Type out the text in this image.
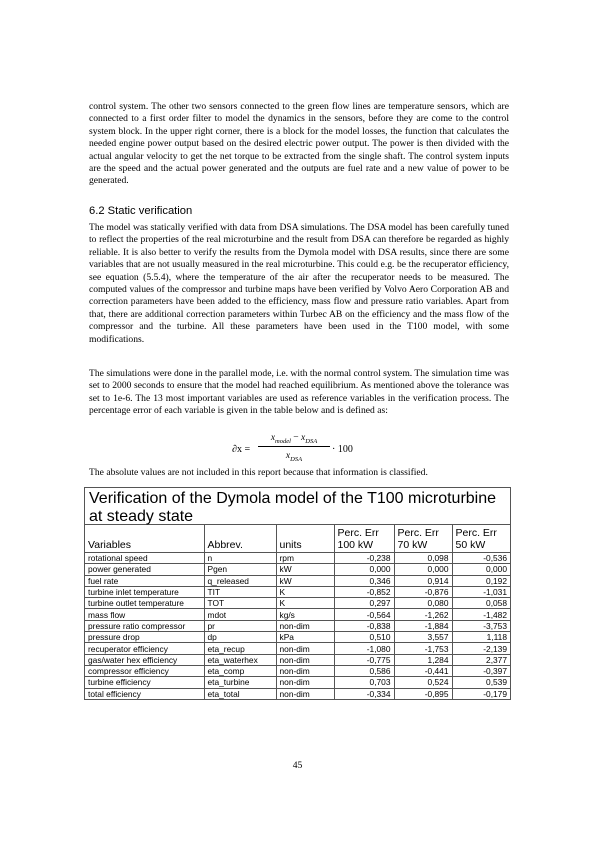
control system. The other two sensors connected to the green flow lines are temperature sensors, which are connected to a first order filter to model the dynamics in the sensors, before they are come to the control system block. In the upper right corner, there is a block for the model losses, the function that calculates the needed engine power output based on the desired electric power output. The power is then divided with the actual angular velocity to get the net torque to be extracted from the single shaft. The control system inputs are the speed and the actual power generated and the outputs are fuel rate and a new value of power to be generated.

6.2 Static verification

The model was statically verified with data from DSA simulations. The DSA model has been carefully tuned to reflect the properties of the real microturbine and the result from DSA can therefore be regarded as highly reliable. It is also better to verify the results from the Dymola model with DSA results, since there are some variables that are not usually measured in the real microturbine. This could e.g. be the recuperator efficiency, see equation (5.5.4), where the temperature of the air after the recuperator needs to be measured. The computed values of the compressor and turbine maps have been verified by Volvo Aero Corporation AB and correction parameters have been added to the efficiency, mass flow and pressure ratio variables. Apart from that, there are additional correction parameters within Turbec AB on the efficiency and the mass flow of the compressor and the turbine. All these parameters have been used in the T100 model, with some modifications.

The simulations were done in the parallel mode, i.e. with the normal control system. The simulation time was set to 2000 seconds to ensure that the model had reached equilibrium. As mentioned above the tolerance was set to 1e-6. The 13 most important variables are used as reference variables in the verification process. The percentage error of each variable is given in the table below and is defined as:

∂x =
$x_{model} - x_{DSA}$
$x_{DSA}$
· 100

The absolute values are not included in this report because that information is classified.

Verification of the Dymola model of the T100 microturbine at steady state
Variables	Abbrev.	units	Perc. Err 100 kW	Perc. Err 70 kW	Perc. Err 50 kW
rotational speed	n	rpm	-0,238	0,098	-0,536
power generated	Pgen	kW	0,000	0,000	0,000
fuel rate	q_released	kW	0,346	0,914	0,192
turbine inlet temperature	TIT	K	-0,852	-0,876	-1,031
turbine outlet temperature	TOT	K	0,297	0,080	0,058
mass flow	mdot	kg/s	-0,564	-1,262	-1,482
pressure ratio compressor	pr	non-dim	-0,838	-1,884	-3,753
pressure drop	dp	kPa	0,510	3,557	1,118
recuperator efficiency	eta_recup	non-dim	-1,080	-1,753	-2,139
gas/water hex efficiency	eta_waterhex	non-dim	-0,775	1,284	2,377
compressor efficiency	eta_comp	non-dim	0,586	-0,441	-0,397
turbine efficiency	eta_turbine	non-dim	0,703	0,524	0,539
total efficiency	eta_total	non-dim	-0,334	-0,895	-0,179
45
